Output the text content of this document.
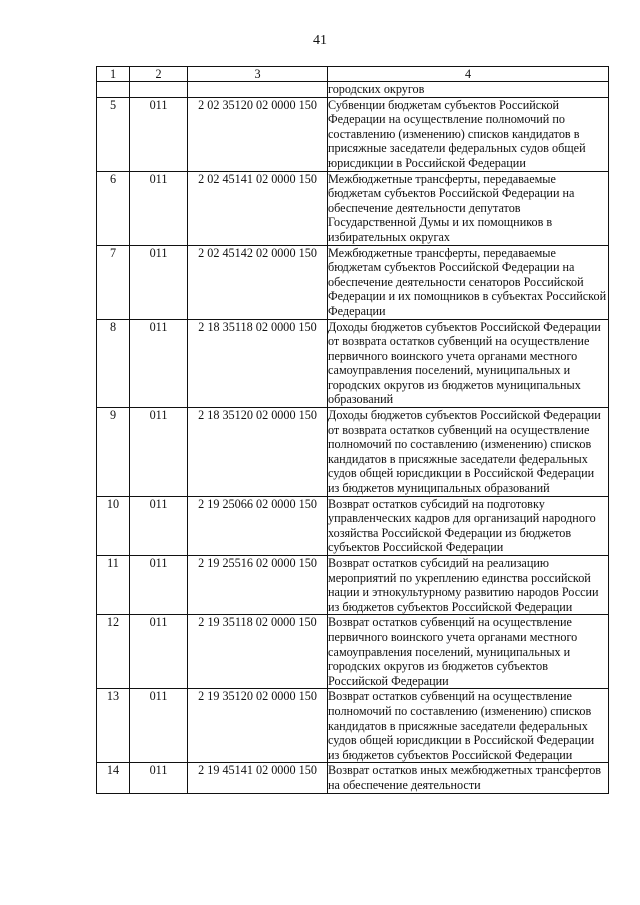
41
1	2	3	4
			городских округов
5	011	2 02 35120 02 0000 150	Субвенции бюджетам субъектов Российской Федерации на осуществление полномочий по составлению (изменению) списков кандидатов в присяжные заседатели федеральных судов общей юрисдикции в Российской Федерации
6	011	2 02 45141 02 0000 150	Межбюджетные трансферты, передаваемые бюджетам субъектов Российской Федерации на обеспечение деятельности депутатов Государственной Думы и их помощников в избирательных округах
7	011	2 02 45142 02 0000 150	Межбюджетные трансферты, передаваемые бюджетам субъектов Российской Федерации на обеспечение деятельности сенаторов Российской Федерации и их помощников в субъектах Российской Федерации
8	011	2 18 35118 02 0000 150	Доходы бюджетов субъектов Российской Федерации от возврата остатков субвенций на осуществление первичного воинского учета органами местного самоуправления поселений, муниципальных и городских округов из бюджетов муниципальных образований
9	011	2 18 35120 02 0000 150	Доходы бюджетов субъектов Российской Федерации от возврата остатков субвенций на осуществление полномочий по составлению (изменению) списков кандидатов в присяжные заседатели федеральных судов общей юрисдикции в Российской Федерации из бюджетов муниципальных образований
10	011	2 19 25066 02 0000 150	Возврат остатков субсидий на подготовку управленческих кадров для организаций народного хозяйства Российской Федерации из бюджетов субъектов Российской Федерации
11	011	2 19 25516 02 0000 150	Возврат остатков субсидий на реализацию мероприятий по укреплению единства российской нации и этнокультурному развитию народов России из бюджетов субъектов Российской Федерации
12	011	2 19 35118 02 0000 150	Возврат остатков субвенций на осуществление первичного воинского учета органами местного самоуправления поселений, муниципальных и городских округов из бюджетов субъектов Российской Федерации
13	011	2 19 35120 02 0000 150	Возврат остатков субвенций на осуществление полномочий по составлению (изменению) списков кандидатов в присяжные заседатели федеральных судов общей юрисдикции в Российской Федерации из бюджетов субъектов Российской Федерации
14	011	2 19 45141 02 0000 150	Возврат остатков иных межбюджетных трансфертов на обеспечение деятельности
